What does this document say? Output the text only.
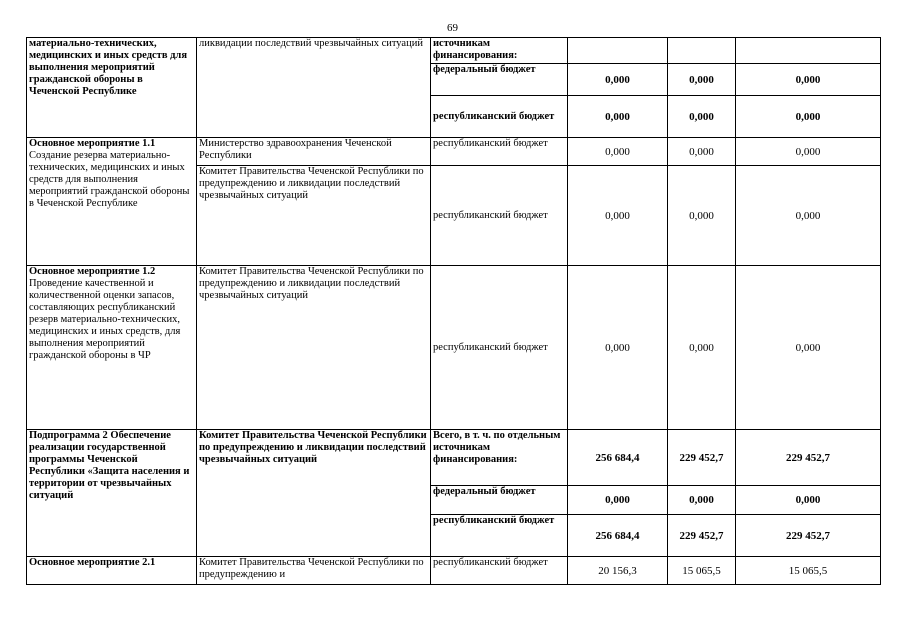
69
материально-технических, медицинских и иных средств для выполнения мероприятий гражданской обороны в Чеченской Республике	ликвидации последствий чрезвычайных ситуаций	источникам финансирования:			
		федеральный бюджет	0,000	0,000	0,000
		республиканский бюджет	0,000	0,000	0,000

Основное мероприятие 1.1
Создание резерва материально-технических, медицинских и иных средств для выполнения мероприятий гражданской обороны в Чеченской Республике	Министерство здравоохранения Чеченской Республики	республиканский бюджет	0,000	0,000	0,000
	Комитет Правительства Чеченской Республики по предупреждению и ликвидации последствий чрезвычайных ситуаций	республиканский бюджет	0,000	0,000	0,000

Основное мероприятие 1.2
Проведение качественной и количественной оценки запасов, составляющих республиканский резерв материально-технических, медицинских и иных средств, для выполнения мероприятий гражданской обороны в ЧР	Комитет Правительства Чеченской Республики по предупреждению и ликвидации последствий чрезвычайных ситуаций	республиканский бюджет	0,000	0,000	0,000
Подпрограмма 2 Обеспечение реализации государственной программы Чеченской Республики «Защита населения и территории от чрезвычайных ситуаций	Комитет Правительства Чеченской Республики по предупреждению и ликвидации последствий чрезвычайных ситуаций	Всего, в т. ч. по отдельным источникам финансирования:	256 684,4	229 452,7	229 452,7
		федеральный бюджет	0,000	0,000	0,000
		республиканский бюджет	256 684,4	229 452,7	229 452,7
Основное мероприятие 2.1	Комитет Правительства Чеченской Республики по предупреждению и	республиканский бюджет	20 156,3	15 065,5	15 065,5
